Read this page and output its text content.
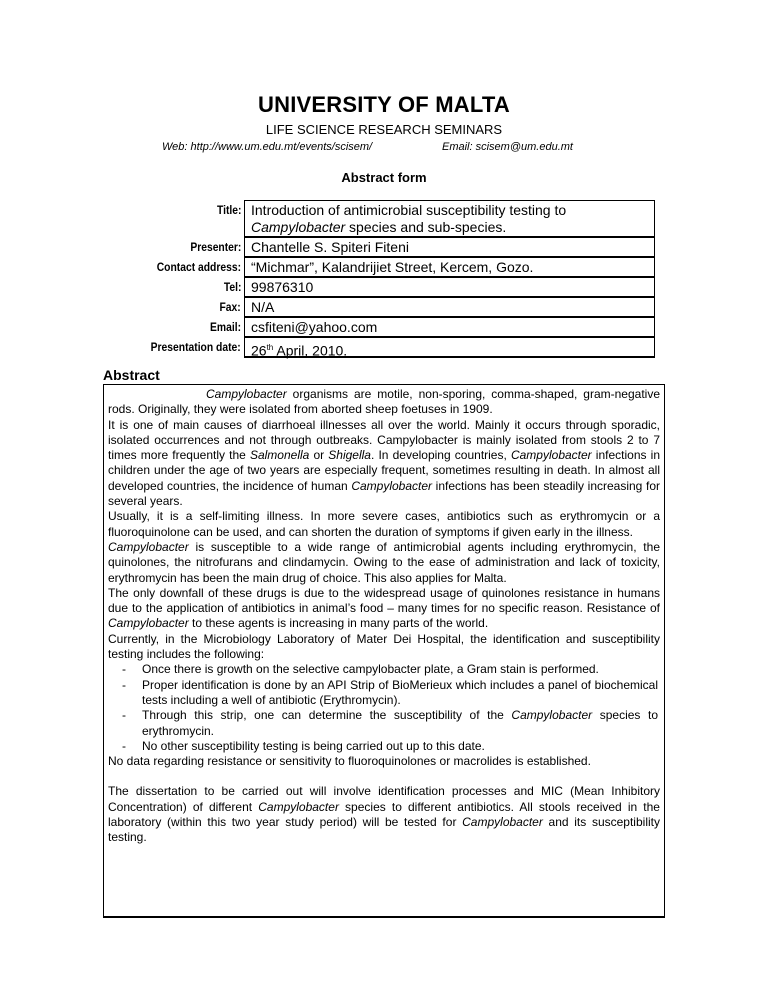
UNIVERSITY OF MALTA
LIFE SCIENCE RESEARCH SEMINARS
Web: http://www.um.edu.mt/events/scisem/	Email: scisem@um.edu.mt
Abstract form
Title: Introduction of antimicrobial susceptibility testing to
Campylobacter species and sub-species.
Presenter: Chantelle S. Spiteri Fiteni
Contact address: “Michmar”, Kalandrijiet Street, Kercem, Gozo.
Tel: 99876310
Fax: N/A
Email: csfiteni@yahoo.com
Presentation date: 26th April, 2010.
Abstract

Campylobacter organisms are motile, non-sporing, comma-shaped, gram-negative rods. Originally, they were isolated from aborted sheep foetuses in 1909.

It is one of main causes of diarrhoeal illnesses all over the world. Mainly it occurs through sporadic, isolated occurrences and not through outbreaks. Campylobacter is mainly isolated from stools 2 to 7 times more frequently the Salmonella or Shigella. In developing countries, Campylobacter infections in children under the age of two years are especially frequent, sometimes resulting in death. In almost all developed countries, the incidence of human Campylobacter infections has been steadily increasing for several years.

Usually, it is a self-limiting illness. In more severe cases, antibiotics such as erythromycin or a fluoroquinolone can be used, and can shorten the duration of symptoms if given early in the illness.

Campylobacter is susceptible to a wide range of antimicrobial agents including erythromycin, the quinolones, the nitrofurans and clindamycin. Owing to the ease of administration and lack of toxicity, erythromycin has been the main drug of choice. This also applies for Malta.

The only downfall of these drugs is due to the widespread usage of quinolones resistance in humans due to the application of antibiotics in animal’s food – many times for no specific reason. Resistance of Campylobacter to these agents is increasing in many parts of the world.

Currently, in the Microbiology Laboratory of Mater Dei Hospital, the identification and susceptibility testing includes the following:

- Once there is growth on the selective campylobacter plate, a Gram stain is performed.
- Proper identification is done by an API Strip of BioMerieux which includes a panel of biochemical tests including a well of antibiotic (Erythromycin).
- Through this strip, one can determine the susceptibility of the Campylobacter species to erythromycin.
- No other susceptibility testing is being carried out up to this date.

No data regarding resistance or sensitivity to fluoroquinolones or macrolides is established.

The dissertation to be carried out will involve identification processes and MIC (Mean Inhibitory Concentration) of different Campylobacter species to different antibiotics. All stools received in the laboratory (within this two year study period) will be tested for Campylobacter and its susceptibility testing.
